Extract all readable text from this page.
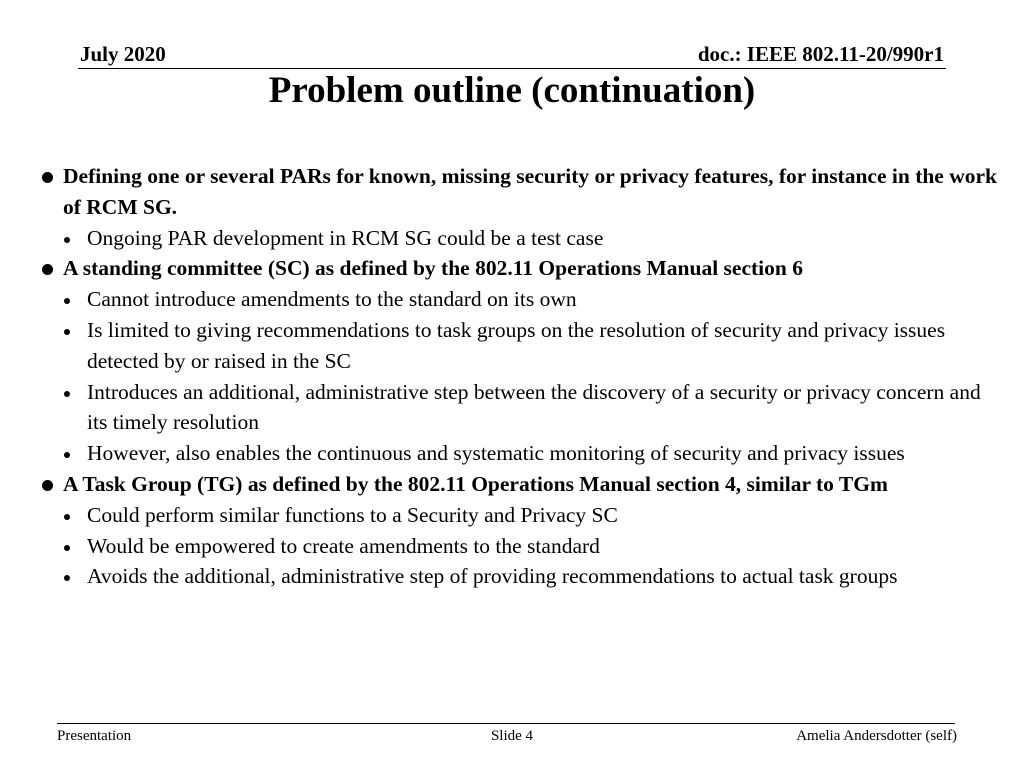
July 2020	doc.: IEEE 802.11-20/990r1
Problem outline (continuation)
Defining one or several PARs for known, missing security or privacy features, for instance in the work of RCM SG.
Ongoing PAR development in RCM SG could be a test case
A standing committee (SC) as defined by the 802.11 Operations Manual section 6
Cannot introduce amendments to the standard on its own
Is limited to giving recommendations to task groups on the resolution of security and privacy issues detected by or raised in the SC
Introduces an additional, administrative step between the discovery of a security or privacy concern and its timely resolution
However, also enables the continuous and systematic monitoring of security and privacy issues
A Task Group (TG) as defined by the 802.11 Operations Manual section 4, similar to TGm
Could perform similar functions to a Security and Privacy SC
Would be empowered to create amendments to the standard
Avoids the additional, administrative step of providing recommendations to actual task groups
Presentation	Slide 4	Amelia Andersdotter (self)
